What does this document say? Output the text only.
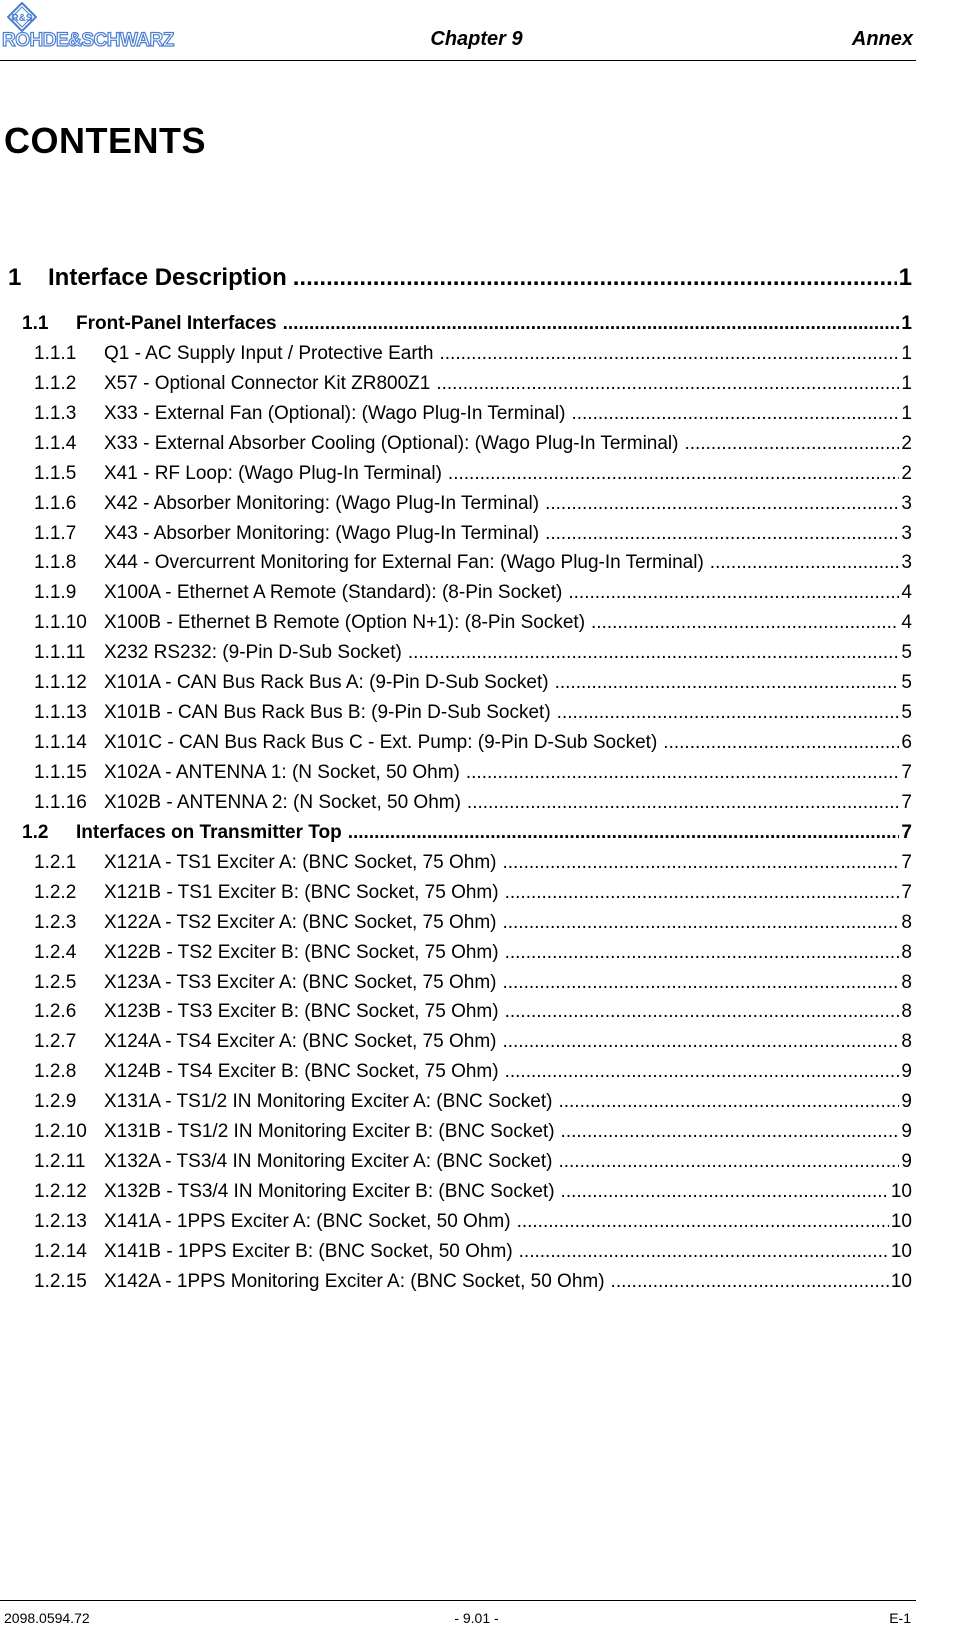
R&S
ROHDE&SCHWARZ	Chapter 9	Annex
CONTENTS
1	Interface Description .....	1
1.1	Front-Panel Interfaces .....	1
1.1.1	Q1 - AC Supply Input / Protective Earth .....	1
1.1.2	X57 - Optional Connector Kit ZR800Z1 .....	1
1.1.3	X33 - External Fan (Optional): (Wago Plug-In Terminal) .....	1
1.1.4	X33 - External Absorber Cooling (Optional): (Wago Plug-In Terminal) .....	2
1.1.5	X41 - RF Loop: (Wago Plug-In Terminal) .....	2
1.1.6	X42 - Absorber Monitoring: (Wago Plug-In Terminal) .....	3
1.1.7	X43 - Absorber Monitoring: (Wago Plug-In Terminal) .....	3
1.1.8	X44 - Overcurrent Monitoring for External Fan: (Wago Plug-In Terminal) .....	3
1.1.9	X100A - Ethernet A Remote (Standard): (8-Pin Socket) .....	4
1.1.10 X100B - Ethernet B Remote (Option N+1): (8-Pin Socket) .....	4
1.1.11 X232 RS232: (9-Pin D-Sub Socket) .....	5
1.1.12 X101A - CAN Bus Rack Bus A: (9-Pin D-Sub Socket) .....	5
1.1.13 X101B - CAN Bus Rack Bus B: (9-Pin D-Sub Socket) .....	5
1.1.14 X101C - CAN Bus Rack Bus C - Ext. Pump: (9-Pin D-Sub Socket) .....	6
1.1.15 X102A - ANTENNA 1: (N Socket, 50 Ohm) .....	7
1.1.16 X102B - ANTENNA 2: (N Socket, 50 Ohm) .....	7
1.2	Interfaces on Transmitter Top .....	7
1.2.1	X121A - TS1 Exciter A: (BNC Socket, 75 Ohm) .....	7
1.2.2	X121B - TS1 Exciter B: (BNC Socket, 75 Ohm) .....	7
1.2.3	X122A - TS2 Exciter A: (BNC Socket, 75 Ohm) .....	8
1.2.4	X122B - TS2 Exciter B: (BNC Socket, 75 Ohm) .....	8
1.2.5	X123A - TS3 Exciter A: (BNC Socket, 75 Ohm) .....	8
1.2.6	X123B - TS3 Exciter B: (BNC Socket, 75 Ohm) .....	8
1.2.7	X124A - TS4 Exciter A: (BNC Socket, 75 Ohm) .....	8
1.2.8	X124B - TS4 Exciter B: (BNC Socket, 75 Ohm) .....	9
1.2.9	X131A - TS1/2 IN Monitoring Exciter A: (BNC Socket) .....	9
1.2.10 X131B - TS1/2 IN Monitoring Exciter B: (BNC Socket) .....	9
1.2.11 X132A - TS3/4 IN Monitoring Exciter A: (BNC Socket) .....	9
1.2.12 X132B - TS3/4 IN Monitoring Exciter B: (BNC Socket) .....	10
1.2.13 X141A - 1PPS Exciter A: (BNC Socket, 50 Ohm) .....	10
1.2.14 X141B - 1PPS Exciter B: (BNC Socket, 50 Ohm) .....	10
1.2.15 X142A - 1PPS Monitoring Exciter A: (BNC Socket, 50 Ohm) .....	10
2098.0594.72	- 9.01 -	E-1
